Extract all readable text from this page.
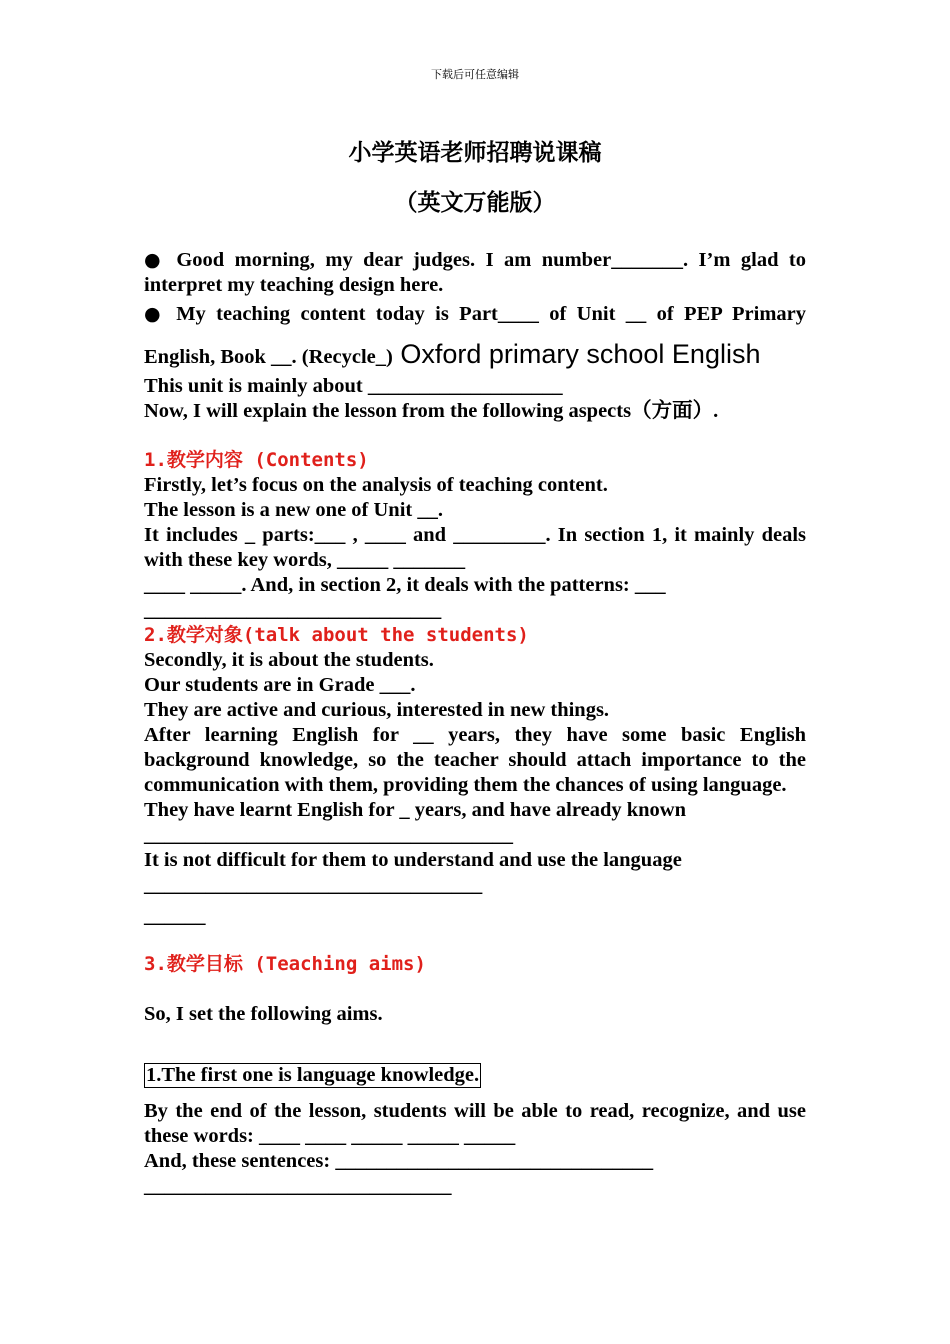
下载后可任意编辑
小学英语老师招聘说课稿
（英文万能版）

● Good morning, my dear judges. I am number_______. I’m glad to interpret my teaching design here.

● My teaching content today is Part____ of Unit __ of PEP Primary English, Book __. (Recycle_) Oxford primary school English

This unit is mainly about ___________________

Now, I will explain the lesson from the following aspects（方面）.

1.教学内容 (Contents)

Firstly, let’s focus on the analysis of teaching content.

The lesson is a new one of Unit __.

It includes _ parts:___ , ____ and _________. In section 1, it mainly deals with these key words, _____ _______

____ _____. And, in section 2, it deals with the patterns: ___

_____________________________

2.教学对象(talk about the students)

Secondly, it is about the students.

Our students are in Grade ___.

They are active and curious, interested in new things.

After learning English for __ years, they have some basic English background knowledge, so the teacher should attach importance to the communication with them, providing them the chances of using language.

They have learnt English for _ years, and have already known

____________________________________

It is not difficult for them to understand and use the language

_________________________________

______

3.教学目标 (Teaching aims)

So, I set the following aims.

1.The first one is language knowledge.

By the end of the lesson, students will be able to read, recognize, and use these words: ____ ____ _____ _____ _____

And, these sentences: _______________________________

______________________________
